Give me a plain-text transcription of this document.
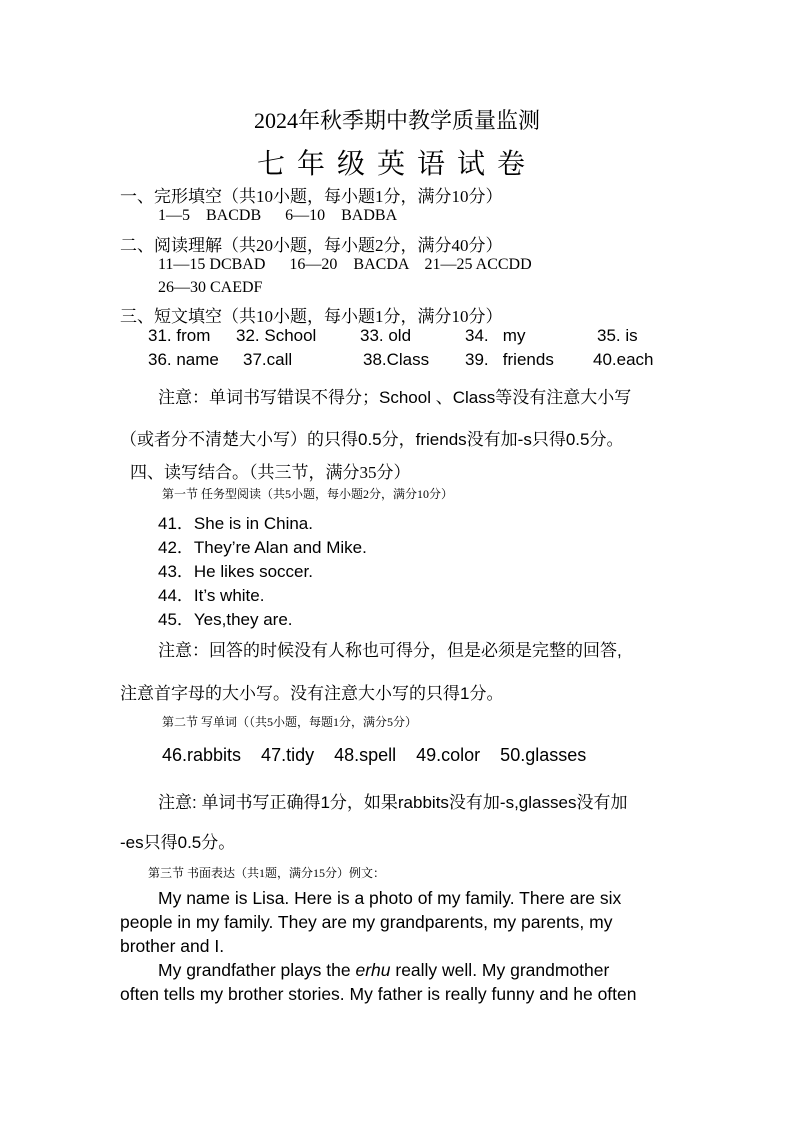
2024年秋季期中教学质量监测
七年级英语试卷
一、完形填空（共10小题，每小题1分，满分10分）
1—5    BACDB      6—10    BADBA
二、阅读理解（共20小题，每小题2分，满分40分）
11—15 DCBAD      16—20    BACDA    21—25 ACCDD
26—30 CAEDF
三、短文填空（共10小题，每小题1分，满分10分）
31. from 32. School	33. old	34.   my	35. is
36. name 37.call	38.Class 39.   friends 40.each
注意：单词书写错误不得分；School 、Class等没有注意大小写
（或者分不清楚大小写）的只得0.5分，friends没有加-s只得0.5分。
四、读写结合。（共三节，满分35分）
第一节 任务型阅读（共5小题，每小题2分，满分10分）
41．She is in China.
42．They’re Alan and Mike.
43．He likes soccer.
44．It’s white.
45．Yes,they are.
注意：回答的时候没有人称也可得分，但是必须是完整的回答,
注意首字母的大小写。没有注意大小写的只得1分。
第二节 写单词（（共5小题，每题1分，满分5分）
46.rabbits    47.tidy    48.spell    49.color    50.glasses
注意: 单词书写正确得1分，如果rabbits没有加-s,glasses没有加
-es只得0.5分。
第三节 书面表达（共1题，满分15分）例文：
My name is Lisa. Here is a photo of my family. There are six
people in my family. They are my grandparents, my parents, my
brother and I.
My grandfather plays the erhu really well. My grandmother
often tells my brother stories. My father is really funny and he often
